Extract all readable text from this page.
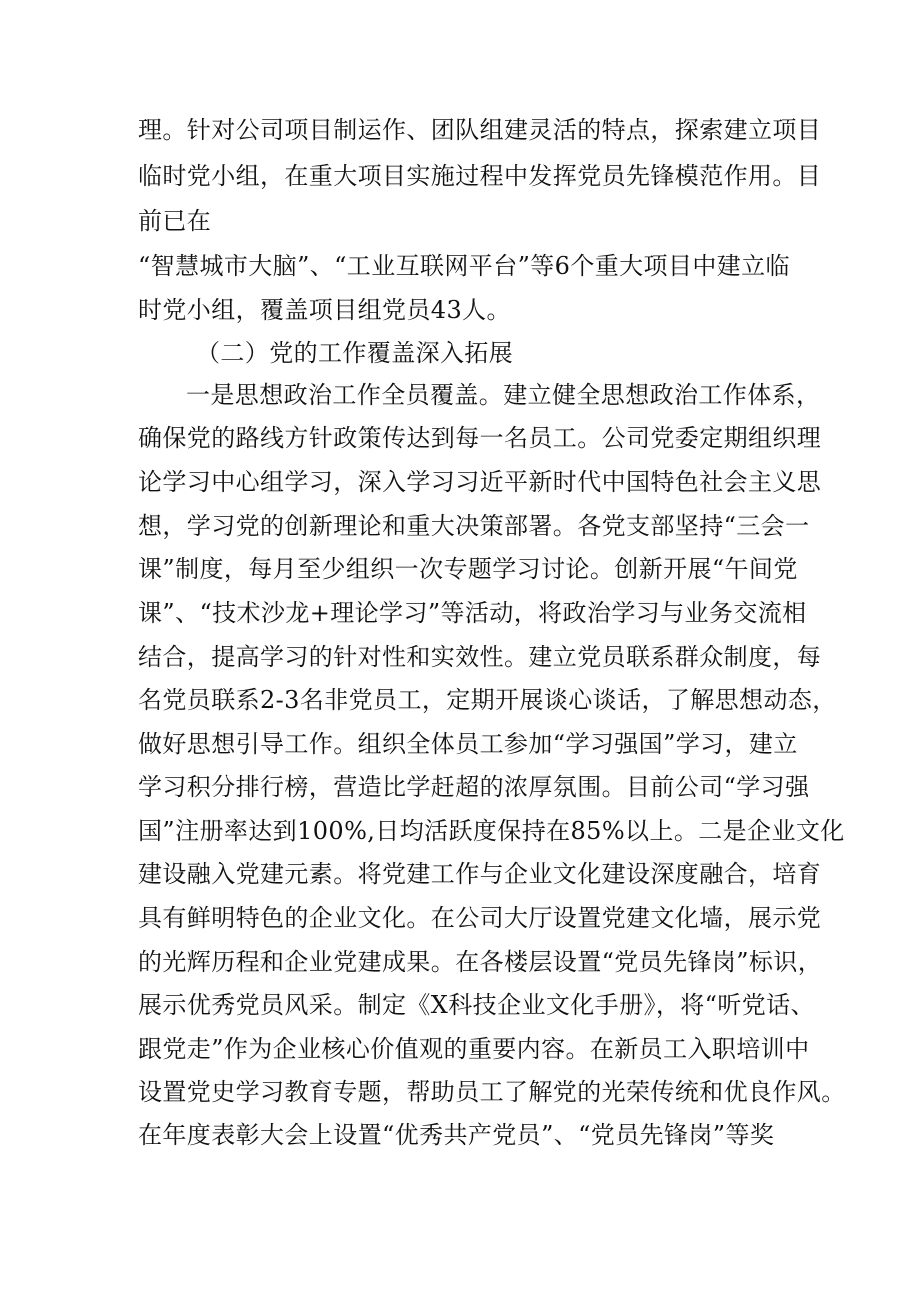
理。针对公司项目制运作、团队组建灵活的特点，探索建立项目
临时党小组，在重大项目实施过程中发挥党员先锋模范作用。目
前已在
“智慧城市大脑”、“工业互联网平台”等6个重大项目中建立临
时党小组，覆盖项目组党员43人。
（二）党的工作覆盖深入拓展
一是思想政治工作全员覆盖。建立健全思想政治工作体系，
确保党的路线方针政策传达到每一名员工。公司党委定期组织理
论学习中心组学习，深入学习习近平新时代中国特色社会主义思
想，学习党的创新理论和重大决策部署。各党支部坚持“三会一
课”制度，每月至少组织一次专题学习讨论。创新开展“午间党
课”、“技术沙龙+理论学习”等活动，将政治学习与业务交流相
结合，提高学习的针对性和实效性。建立党员联系群众制度，每
名党员联系2-3名非党员工，定期开展谈心谈话，了解思想动态，
做好思想引导工作。组织全体员工参加“学习强国”学习，建立
学习积分排行榜，营造比学赶超的浓厚氛围。目前公司“学习强
国”注册率达到100%,日均活跃度保持在85%以上。二是企业文化
建设融入党建元素。将党建工作与企业文化建设深度融合，培育
具有鲜明特色的企业文化。在公司大厅设置党建文化墙，展示党
的光辉历程和企业党建成果。在各楼层设置“党员先锋岗”标识，
展示优秀党员风采。制定《X科技企业文化手册》，将“听党话、
跟党走”作为企业核心价值观的重要内容。在新员工入职培训中
设置党史学习教育专题，帮助员工了解党的光荣传统和优良作风。
在年度表彰大会上设置“优秀共产党员”、“党员先锋岗”等奖
